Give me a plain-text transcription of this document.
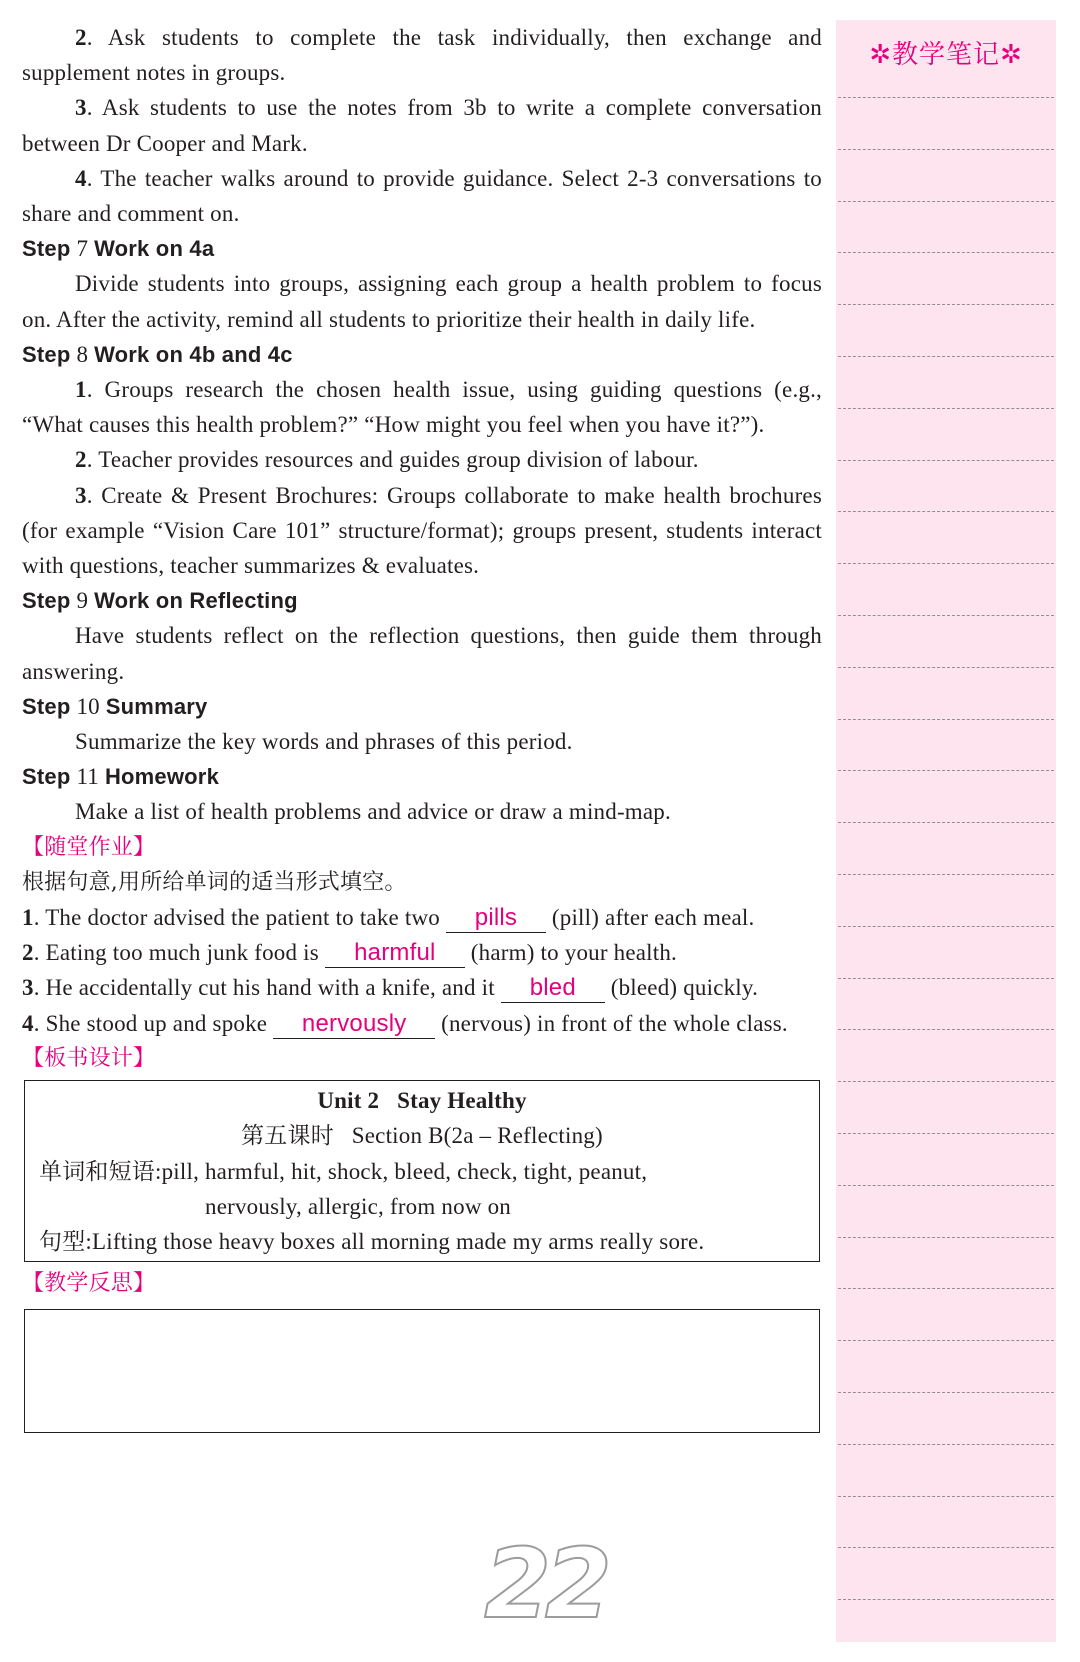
2. Ask students to complete the task individually, then exchange and supplement notes in groups.

3. Ask students to use the notes from 3b to write a complete conversation between Dr Cooper and Mark.

4. The teacher walks around to provide guidance. Select 2-3 conversations to share and comment on.

Step 7 Work on 4a

Divide students into groups, assigning each group a health problem to focus on. After the activity, remind all students to prioritize their health in daily life.

Step 8 Work on 4b and 4c

1. Groups research the chosen health issue, using guiding questions (e.g., “What causes this health problem?” “How might you feel when you have it?”).

2. Teacher provides resources and guides group division of labour.

3. Create & Present Brochures: Groups collaborate to make health brochures (for example “Vision Care 101” structure/format); groups present, students interact with questions, teacher summarizes & evaluates.

Step 9 Work on Reflecting

Have students reflect on the reflection questions, then guide them through answering.

Step 10 Summary

Summarize the key words and phrases of this period.

Step 11 Homework

Make a list of health problems and advice or draw a mind-map.

【随堂作业】

根据句意,用所给单词的适当形式填空。

1. The doctor advised the patient to take two pills (pill) after each meal.

2. Eating too much junk food is harmful (harm) to your health.

3. He accidentally cut his hand with a knife, and it bled (bleed) quickly.

4. She stood up and spoke nervously (nervous) in front of the whole class.

【板书设计】

Unit 2 Stay Healthy

第五课时   Section B(2a – Reflecting)

单词和短语:pill, harmful, hit, shock, bleed, check, tight, peanut,

nervously, allergic, from now on

句型:Lifting those heavy boxes all morning made my arms really sore.

【教学反思】

✲教学笔记✲
22
